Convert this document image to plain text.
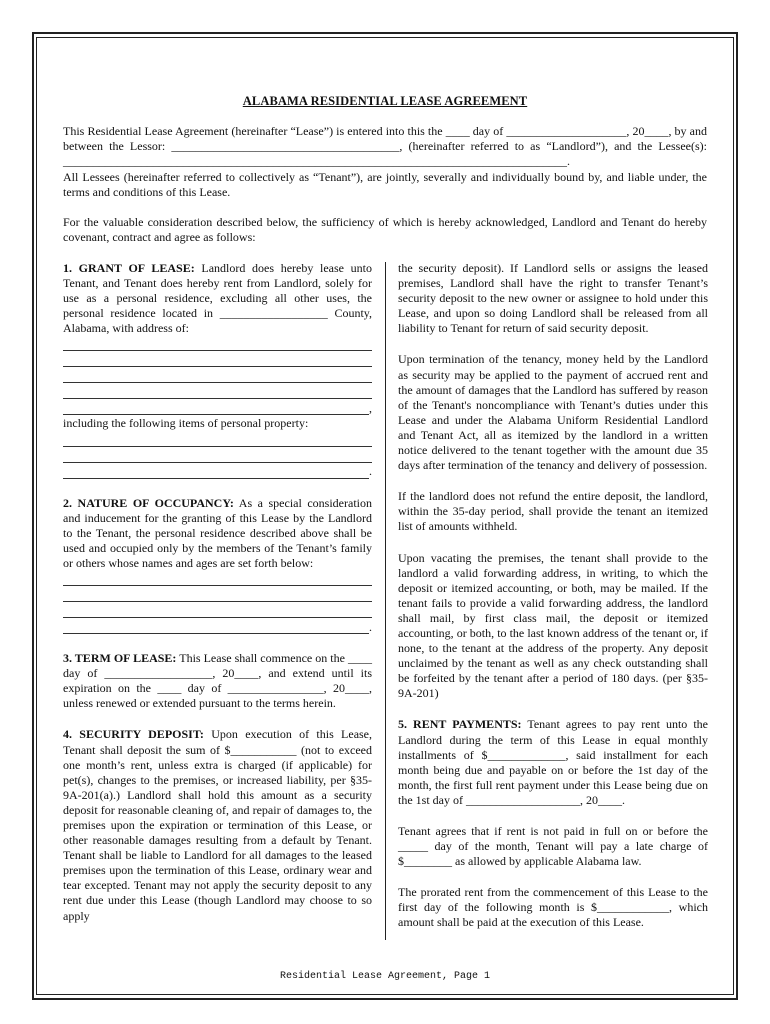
ALABAMA RESIDENTIAL LEASE AGREEMENT

This Residential Lease Agreement (hereinafter “Lease”) is entered into this the ____ day of ____________________, 20____, by and between the Lessor: ______________________________________, (hereinafter referred to as “Landlord”), and the Lessee(s): ____________________________________________________________________________________.

All Lessees (hereinafter referred to collectively as “Tenant”), are jointly, severally and individually bound by, and liable under, the terms and conditions of this Lease.

For the valuable consideration described below, the sufficiency of which is hereby acknowledged, Landlord and Tenant do hereby covenant, contract and agree as follows:

1. GRANT OF LEASE: Landlord does hereby lease unto Tenant, and Tenant does hereby rent from Landlord, solely for use as a personal residence, excluding all other uses, the personal residence located in __________________ County, Alabama, with address of:

,

including the following items of personal property:

.

2. NATURE OF OCCUPANCY: As a special consideration and inducement for the granting of this Lease by the Landlord to the Tenant, the personal residence described above shall be used and occupied only by the members of the Tenant’s family or others whose names and ages are set forth below:

.

3. TERM OF LEASE: This Lease shall commence on the ____ day of __________________, 20____, and extend until its expiration on the ____ day of ________________, 20____, unless renewed or extended pursuant to the terms herein.

4. SECURITY DEPOSIT: Upon execution of this Lease, Tenant shall deposit the sum of $___________ (not to exceed one month’s rent, unless extra is charged (if applicable) for pet(s), changes to the premises, or increased liability, per §35-9A-201(a).) Landlord shall hold this amount as a security deposit for reasonable cleaning of, and repair of damages to, the premises upon the expiration or termination of this Lease, or other reasonable damages resulting from a default by Tenant. Tenant shall be liable to Landlord for all damages to the leased premises upon the termination of this Lease, ordinary wear and tear excepted. Tenant may not apply the security deposit to any rent due under this Lease (though Landlord may choose to so apply

the security deposit). If Landlord sells or assigns the leased premises, Landlord shall have the right to transfer Tenant’s security deposit to the new owner or assignee to hold under this Lease, and upon so doing Landlord shall be released from all liability to Tenant for return of said security deposit.

Upon termination of the tenancy, money held by the Landlord as security may be applied to the payment of accrued rent and the amount of damages that the Landlord has suffered by reason of the Tenant's noncompliance with Tenant’s duties under this Lease and under the Alabama Uniform Residential Landlord and Tenant Act, all as itemized by the landlord in a written notice delivered to the tenant together with the amount due 35 days after termination of the tenancy and delivery of possession.

If the landlord does not refund the entire deposit, the landlord, within the 35-day period, shall provide the tenant an itemized list of amounts withheld.

Upon vacating the premises, the tenant shall provide to the landlord a valid forwarding address, in writing, to which the deposit or itemized accounting, or both, may be mailed. If the tenant fails to provide a valid forwarding address, the landlord shall mail, by first class mail, the deposit or itemized accounting, or both, to the last known address of the tenant or, if none, to the tenant at the address of the property. Any deposit unclaimed by the tenant as well as any check outstanding shall be forfeited by the tenant after a period of 180 days. (per §35-9A-201)

5. RENT PAYMENTS: Tenant agrees to pay rent unto the Landlord during the term of this Lease in equal monthly installments of $_____________, said installment for each month being due and payable on or before the 1st day of the month, the first full rent payment under this Lease being due on the 1st day of ___________________, 20____.

Tenant agrees that if rent is not paid in full on or before the _____ day of the month, Tenant will pay a late charge of $________ as allowed by applicable Alabama law.

The prorated rent from the commencement of this Lease to the first day of the following month is $____________, which amount shall be paid at the execution of this Lease.

Residential Lease Agreement, Page 1
